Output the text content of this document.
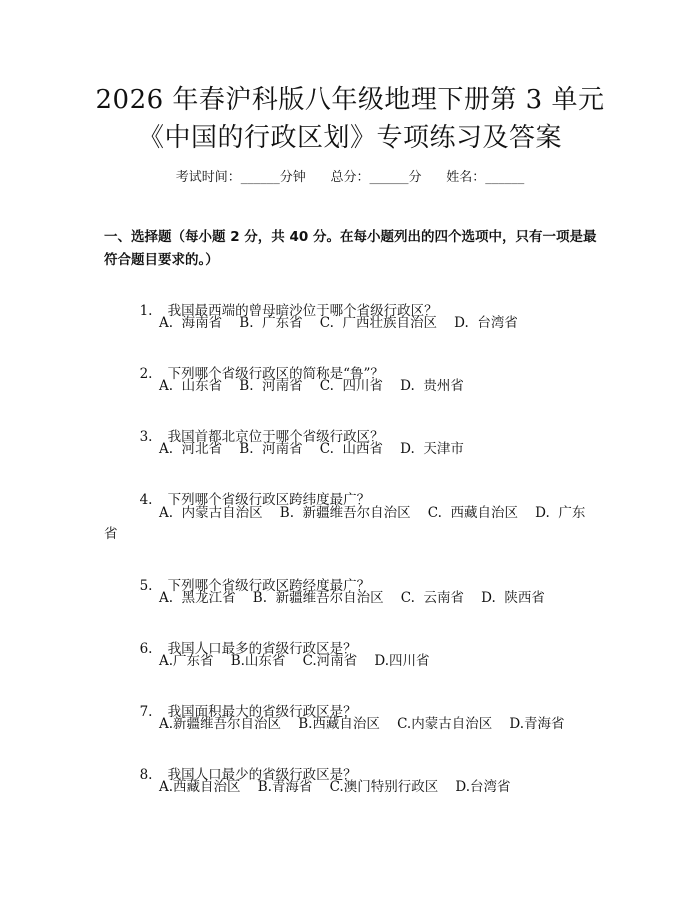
2026 年春沪科版八年级地理下册第 3 单元
《中国的行政区划》专项练习及答案
考试时间：______分钟      总分：______分      姓名：______
一、选择题（每小题 2 分，共 40 分。在每小题列出的四个选项中，只有一项是最符合题目要求的。）

1. 我国最西端的曾母暗沙位于哪个省级行政区？

A.  海南省    B.  广东省    C.  广西壮族自治区    D.  台湾省

2. 下列哪个省级行政区的简称是“鲁”？

A.  山东省    B.  河南省    C.  四川省    D.  贵州省

3. 我国首都北京位于哪个省级行政区？

A.  河北省    B.  河南省    C.  山西省    D.  天津市

4. 下列哪个省级行政区跨纬度最广？

A.  内蒙古自治区    B.  新疆维吾尔自治区    C.  西藏自治区    D.  广东
省

5. 下列哪个省级行政区跨经度最广？

A.  黑龙江省    B.  新疆维吾尔自治区    C.  云南省    D.  陕西省

6. 我国人口最多的省级行政区是？

A.广东省    B.山东省    C.河南省    D.四川省

7. 我国面积最大的省级行政区是？

A.新疆维吾尔自治区    B.西藏自治区    C.内蒙古自治区    D.青海省

8. 我国人口最少的省级行政区是？

A.西藏自治区    B.青海省    C.澳门特别行政区    D.台湾省
